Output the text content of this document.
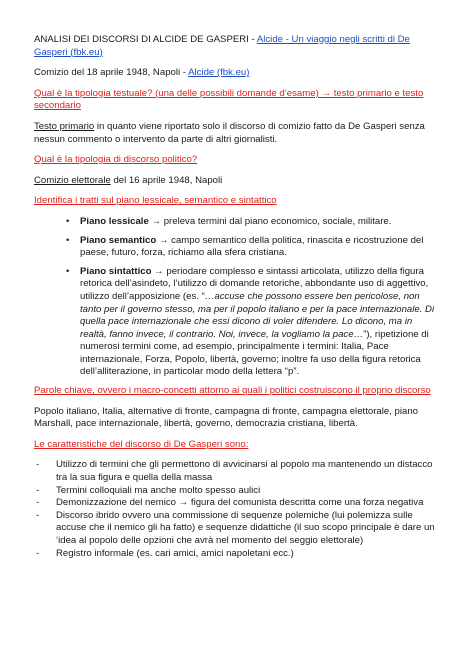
ANALISI DEI DISCORSI DI ALCIDE DE GASPERI - Alcide - Un viaggio negli scritti di De Gasperi (fbk.eu)

Comizio del 18 aprile 1948, Napoli - Alcide (fbk.eu)

Qual è la tipologia testuale? (una delle possibili domande d’esame) → testo primario e testo secondario

Testo primario in quanto viene riportato solo il discorso di comizio fatto da De Gasperi senza nessun commento o intervento da parte di altri giornalisti.

Qual è la tipologia di discorso politico?

Comizio elettorale del 16 aprile 1948, Napoli

Identifica i tratti sul piano lessicale, semantico e sintattico

• Piano lessicale → preleva termini dal piano economico, sociale, militare.
• Piano semantico → campo semantico della politica, rinascita e ricostruzione del paese, futuro, forza, richiamo alla sfera cristiana.
• Piano sintattico → periodare complesso e sintassi articolata, utilizzo della figura retorica dell’asindeto, l’utilizzo di domande retoriche, abbondante uso di aggettivo, utilizzo dell’apposizione (es. “…accuse che possono essere ben pericolose, non tanto per il governo stesso, ma per il popolo italiano e per la pace internazionale. Di quella pace internazionale che essi dicono di voler difendere. Lo dicono, ma in realtà, fanno invece, il contrario. Noi, invece, la vogliamo la pace…”), ripetizione di numerosi termini come, ad esempio, principalmente i termini: Italia, Pace internazionale, Forza, Popolo, libertà, governo; inoltre fa uso della figura retorica dell’alliterazione, in particolar modo della lettera “p”.

Parole chiave, ovvero i macro-concetti attorno ai quali i politici costruiscono il proprio discorso

Popolo italiano, Italia, alternative di fronte, campagna di fronte, campagna elettorale, piano Marshall, pace internazionale, libertà, governo, democrazia cristiana, libertà.

Le caratteristiche del discorso di De Gasperi sono:

- Utilizzo di termini che gli permettono di avvicinarsi al popolo ma mantenendo un distacco tra la sua figura e quella della massa
- Termini colloquiali ma anche molto spesso aulici
- Demonizzazione del nemico → figura del comunista descritta come una forza negativa
- Discorso ibrido ovvero una commissione di sequenze polemiche (lui polemizza sulle accuse che il nemico gli ha fatto) e sequenze didattiche (il suo scopo principale è dare un ‘idea al popolo delle opzioni che avrà nel momento del seggio elettorale)
- Registro informale (es. cari amici, amici napoletani ecc.)
